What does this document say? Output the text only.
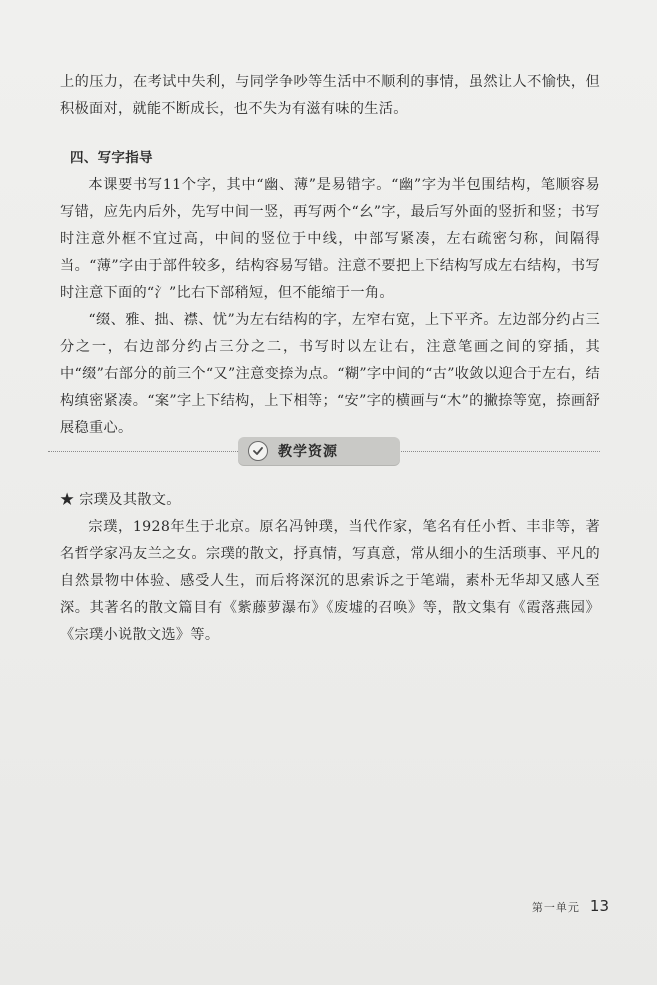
上的压力，在考试中失利，与同学争吵等生活中不顺利的事情，虽然让人不愉快，但积极面对，就能不断成长，也不失为有滋有味的生活。

四、写字指导

本课要书写11个字，其中“幽、薄”是易错字。“幽”字为半包围结构，笔顺容易写错，应先内后外，先写中间一竖，再写两个“幺”字，最后写外面的竖折和竖；书写时注意外框不宜过高，中间的竖位于中线，中部写紧凑，左右疏密匀称，间隔得当。“薄”字由于部件较多，结构容易写错。注意不要把上下结构写成左右结构，书写时注意下面的“氵”比右下部稍短，但不能缩于一角。

“缀、雅、拙、襟、忧”为左右结构的字，左窄右宽，上下平齐。左边部分约占三分之一，右边部分约占三分之二，书写时以左让右，注意笔画之间的穿插，其中“缀”右部分的前三个“又”注意变捺为点。“糊”字中间的“古”收敛以迎合于左右，结构缜密紧凑。“案”字上下结构，上下相等；“安”字的横画与“木”的撇捺等宽，捺画舒展稳重心。

教学资源

★ 宗璞及其散文。

宗璞，1928年生于北京。原名冯钟璞，当代作家，笔名有任小哲、丰非等，著名哲学家冯友兰之女。宗璞的散文，抒真情，写真意，常从细小的生活琐事、平凡的自然景物中体验、感受人生，而后将深沉的思索诉之于笔端，素朴无华却又感人至深。其著名的散文篇目有《紫藤萝瀑布》《废墟的召唤》等，散文集有《霞落燕园》《宗璞小说散文选》等。

第一单元 13
